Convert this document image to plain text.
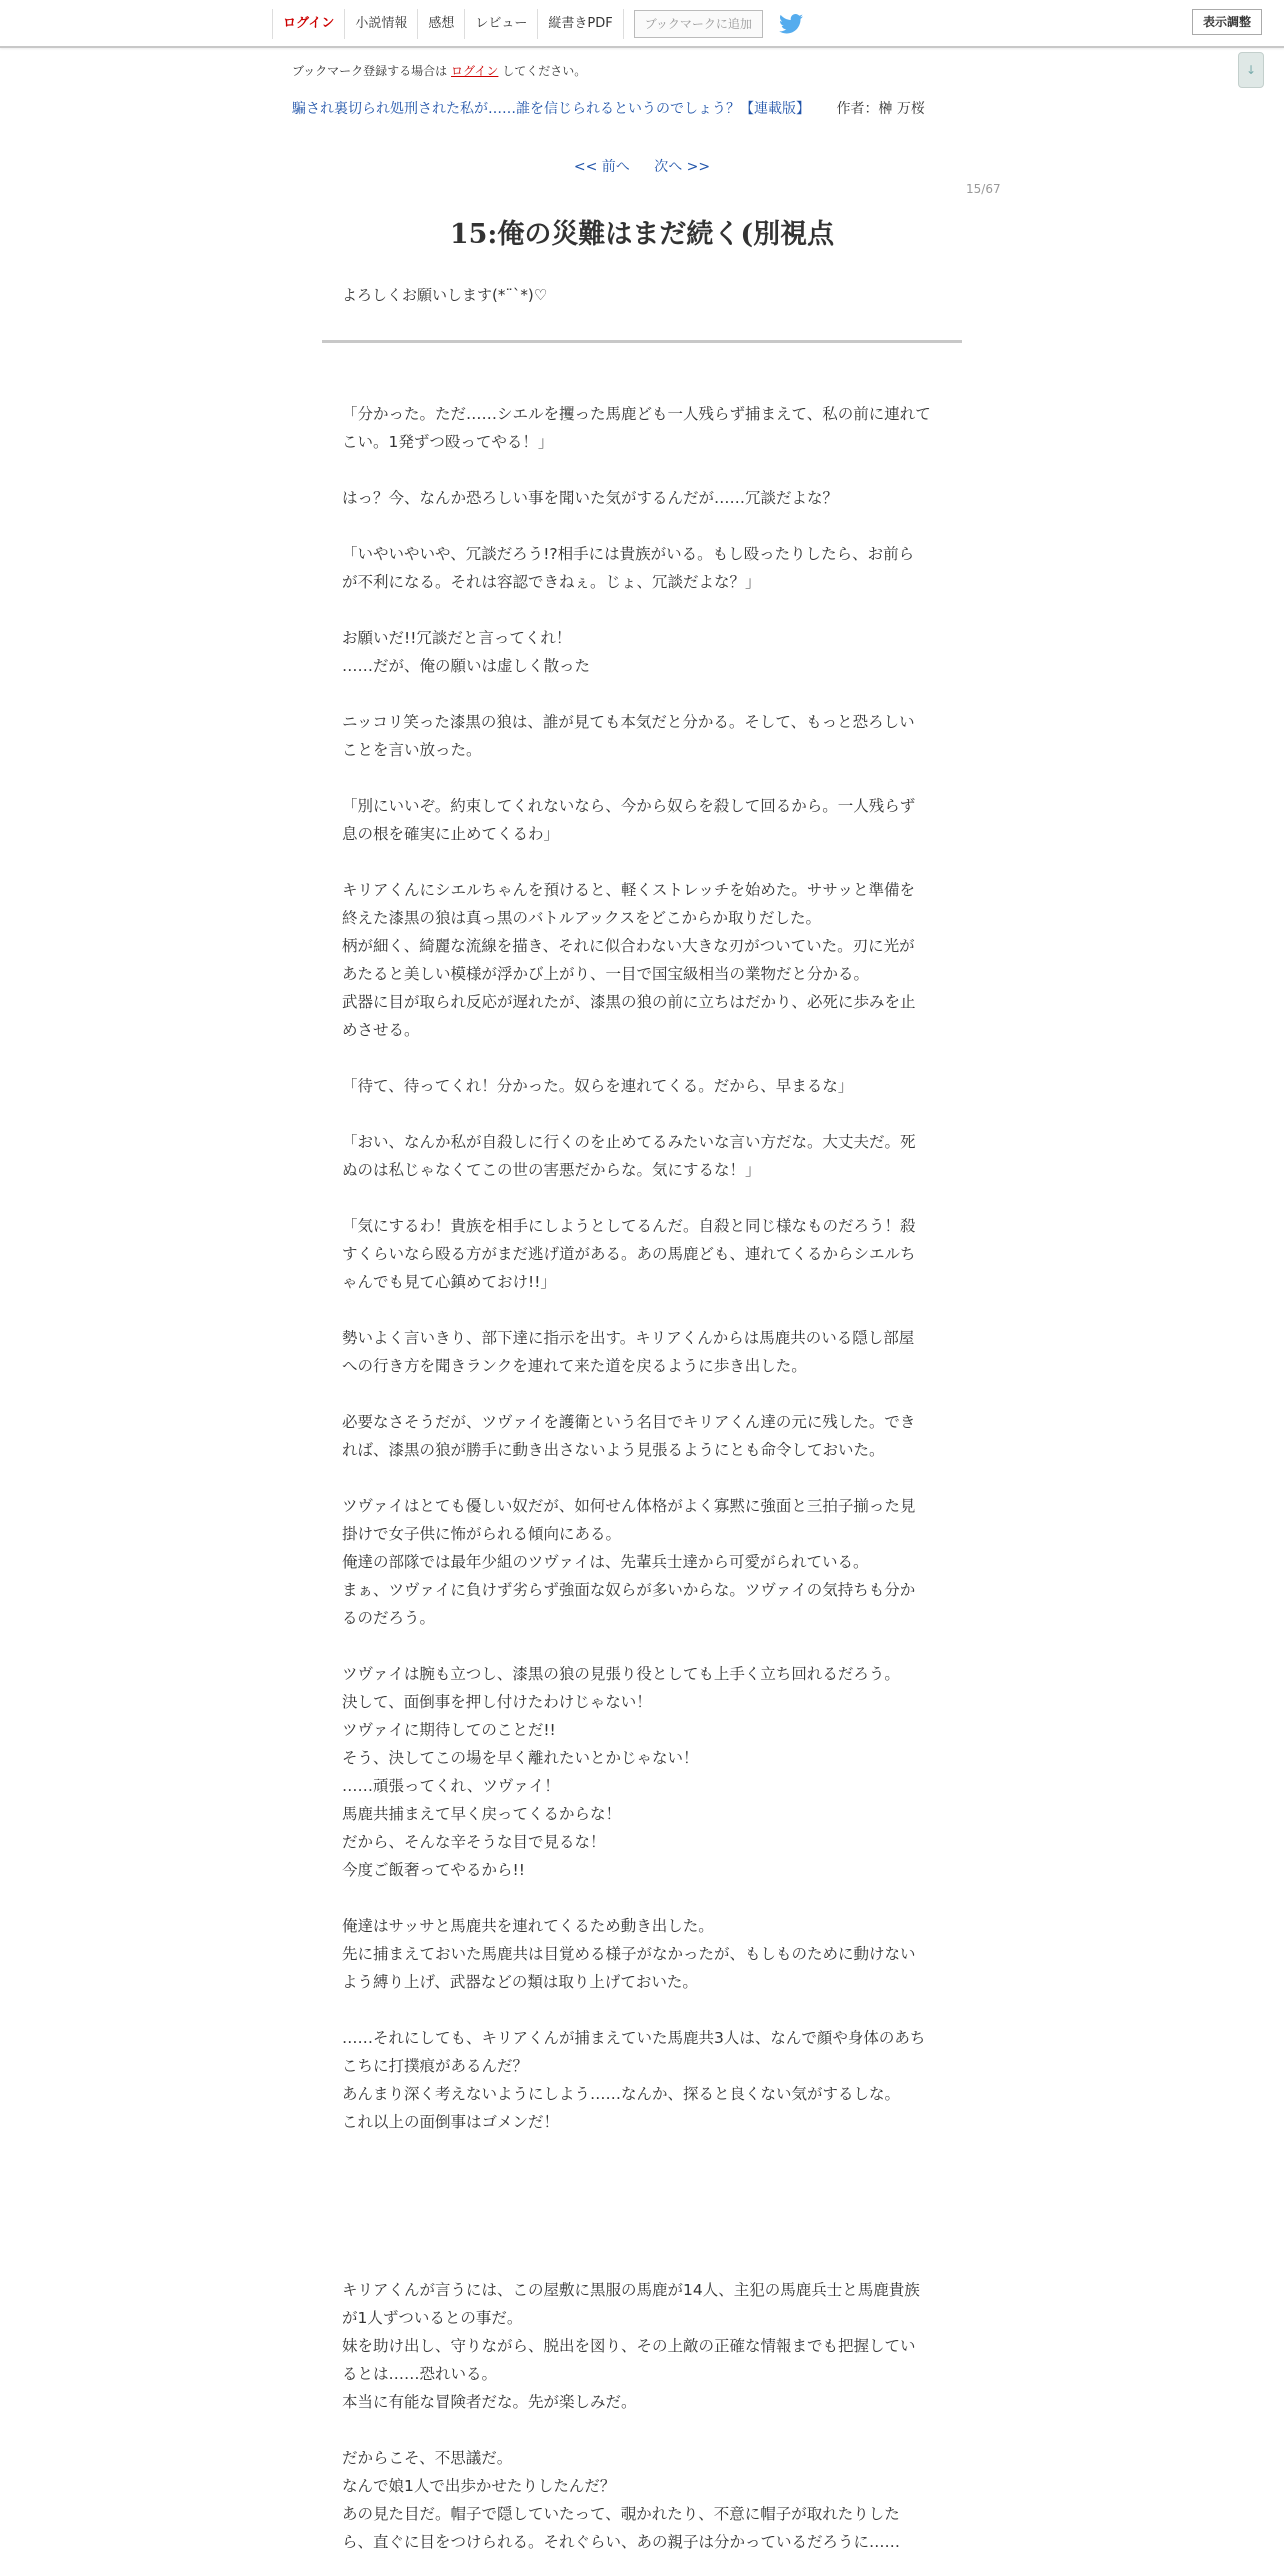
ログイン	小説情報	感想	レビュー	縦書きPDF	ブックマークに追加	表示調整
↓
ブックマーク登録する場合は ログイン してください。
騙され裏切られ処刑された私が……誰を信じられるというのでしょう？【連載版】 作者：榊 万桜
<< 前へ 次へ >>
15/67
15:俺の災難はまだ続く(別視点
よろしくお願いします(*¨`*)♡

「分かった。ただ……シエルを攫った馬鹿ども一人残らず捕まえて、私の前に連れて

こい。1発ずつ殴ってやる！」

はっ？今、なんか恐ろしい事を聞いた気がするんだが……冗談だよな？

「いやいやいや、冗談だろう!?相手には貴族がいる。もし殴ったりしたら、お前ら

が不利になる。それは容認できねぇ。じょ、冗談だよな？」

お願いだ!!冗談だと言ってくれ！

……だが、俺の願いは虚しく散った

ニッコリ笑った漆黒の狼は、誰が見ても本気だと分かる。そして、もっと恐ろしい

ことを言い放った。

「別にいいぞ。約束してくれないなら、今から奴らを殺して回るから。一人残らず

息の根を確実に止めてくるわ」

キリアくんにシエルちゃんを預けると、軽くストレッチを始めた。ササッと準備を

終えた漆黒の狼は真っ黒のバトルアックスをどこからか取りだした。

柄が細く、綺麗な流線を描き、それに似合わない大きな刃がついていた。刃に光が

あたると美しい模様が浮かび上がり、一目で国宝級相当の業物だと分かる。

武器に目が取られ反応が遅れたが、漆黒の狼の前に立ちはだかり、必死に歩みを止

めさせる。

「待て、待ってくれ！分かった。奴らを連れてくる。だから、早まるな」

「おい、なんか私が自殺しに行くのを止めてるみたいな言い方だな。大丈夫だ。死

ぬのは私じゃなくてこの世の害悪だからな。気にするな！」

「気にするわ！貴族を相手にしようとしてるんだ。自殺と同じ様なものだろう！殺

すくらいなら殴る方がまだ逃げ道がある。あの馬鹿ども、連れてくるからシエルち

ゃんでも見て心鎮めておけ!!」

勢いよく言いきり、部下達に指示を出す。キリアくんからは馬鹿共のいる隠し部屋

への行き方を聞きランクを連れて来た道を戻るように歩き出した。

必要なさそうだが、ツヴァイを護衛という名目でキリアくん達の元に残した。でき

れば、漆黒の狼が勝手に動き出さないよう見張るようにとも命令しておいた。

ツヴァイはとても優しい奴だが、如何せん体格がよく寡黙に強面と三拍子揃った見

掛けで女子供に怖がられる傾向にある。

俺達の部隊では最年少組のツヴァイは、先輩兵士達から可愛がられている。

まぁ、ツヴァイに負けず劣らず強面な奴らが多いからな。ツヴァイの気持ちも分か

るのだろう。

ツヴァイは腕も立つし、漆黒の狼の見張り役としても上手く立ち回れるだろう。

決して、面倒事を押し付けたわけじゃない！

ツヴァイに期待してのことだ!!

そう、決してこの場を早く離れたいとかじゃない！

……頑張ってくれ、ツヴァイ！

馬鹿共捕まえて早く戻ってくるからな！

だから、そんな辛そうな目で見るな！

今度ご飯奢ってやるから!!

俺達はサッサと馬鹿共を連れてくるため動き出した。

先に捕まえておいた馬鹿共は目覚める様子がなかったが、もしものために動けない

よう縛り上げ、武器などの類は取り上げておいた。

……それにしても、キリアくんが捕まえていた馬鹿共3人は、なんで顔や身体のあち

こちに打撲痕があるんだ？

あんまり深く考えないようにしよう……なんか、探ると良くない気がするしな。

これ以上の面倒事はゴメンだ！

キリアくんが言うには、この屋敷に黒服の馬鹿が14人、主犯の馬鹿兵士と馬鹿貴族

が1人ずついるとの事だ。

妹を助け出し、守りながら、脱出を図り、その上敵の正確な情報までも把握してい

るとは……恐れいる。

本当に有能な冒険者だな。先が楽しみだ。

だからこそ、不思議だ。

なんで娘1人で出歩かせたりしたんだ？

あの見た目だ。帽子で隠していたって、覗かれたり、不意に帽子が取れたりした

ら、直ぐに目をつけられる。それぐらい、あの親子は分かっているだろうに……
